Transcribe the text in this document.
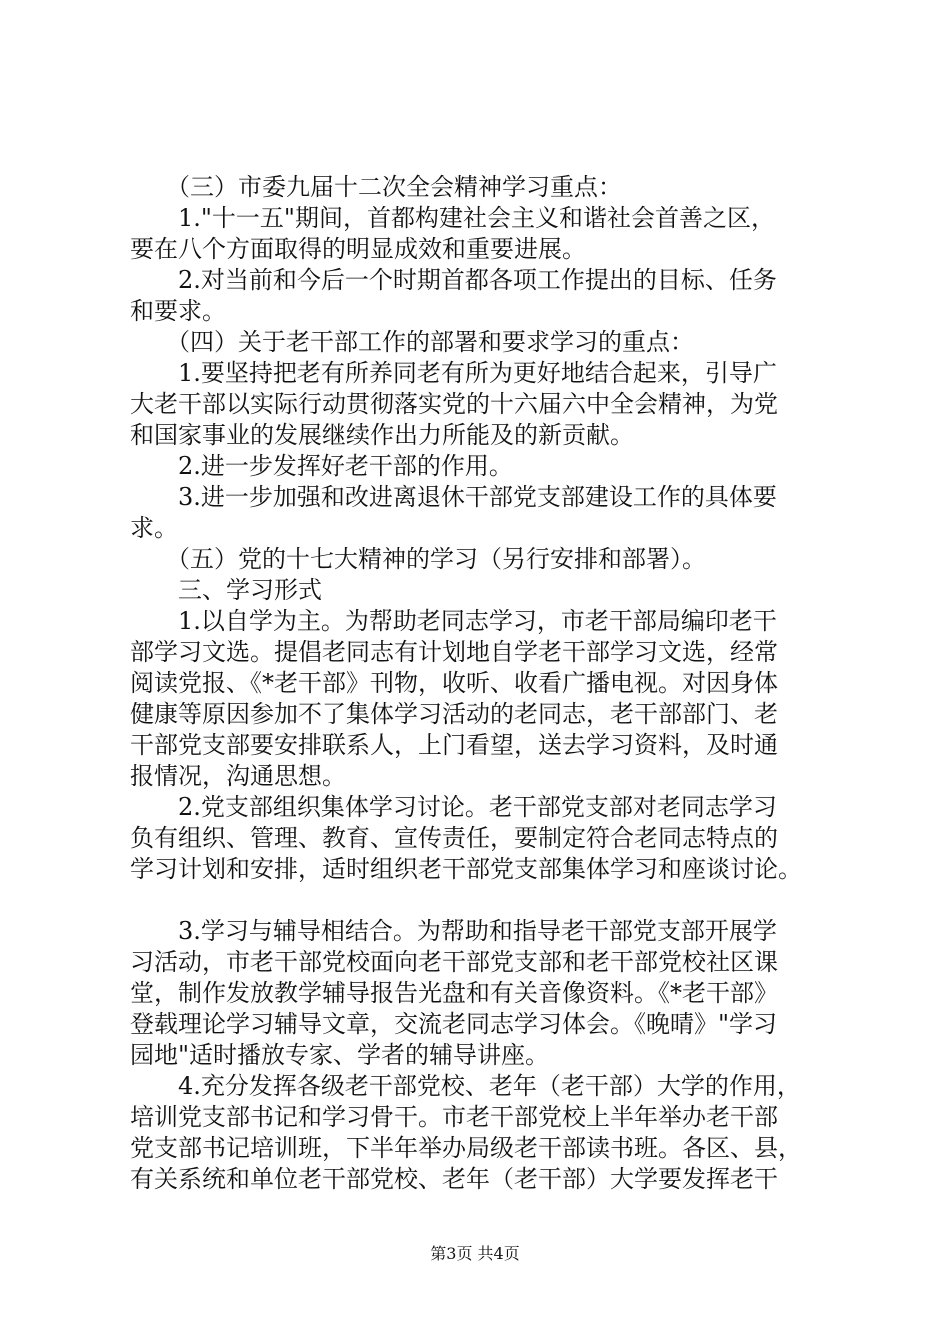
　　（三）市委九届十二次全会精神学习重点：
　　1."十一五"期间，首都构建社会主义和谐社会首善之区，
要在八个方面取得的明显成效和重要进展。
　　2.对当前和今后一个时期首都各项工作提出的目标、任务
和要求。
　　（四）关于老干部工作的部署和要求学习的重点：
　　1.要坚持把老有所养同老有所为更好地结合起来，引导广
大老干部以实际行动贯彻落实党的十六届六中全会精神，为党
和国家事业的发展继续作出力所能及的新贡献。
　　2.进一步发挥好老干部的作用。
　　3.进一步加强和改进离退休干部党支部建设工作的具体要
求。
　　（五）党的十七大精神的学习（另行安排和部署）。
　　三、学习形式
　　1.以自学为主。为帮助老同志学习，市老干部局编印老干
部学习文选。提倡老同志有计划地自学老干部学习文选，经常
阅读党报、《*老干部》刊物，收听、收看广播电视。对因身体
健康等原因参加不了集体学习活动的老同志，老干部部门、老
干部党支部要安排联系人，上门看望，送去学习资料，及时通
报情况，沟通思想。
　　2.党支部组织集体学习讨论。老干部党支部对老同志学习
负有组织、管理、教育、宣传责任，要制定符合老同志特点的
学习计划和安排，适时组织老干部党支部集体学习和座谈讨论。
　　3.学习与辅导相结合。为帮助和指导老干部党支部开展学
习活动，市老干部党校面向老干部党支部和老干部党校社区课
堂，制作发放教学辅导报告光盘和有关音像资料。《*老干部》
登载理论学习辅导文章，交流老同志学习体会。《晚晴》"学习
园地"适时播放专家、学者的辅导讲座。
　　4.充分发挥各级老干部党校、老年（老干部）大学的作用，
培训党支部书记和学习骨干。市老干部党校上半年举办老干部
党支部书记培训班，下半年举办局级老干部读书班。各区、县，
有关系统和单位老干部党校、老年（老干部）大学要发挥老干
第3页 共4页
